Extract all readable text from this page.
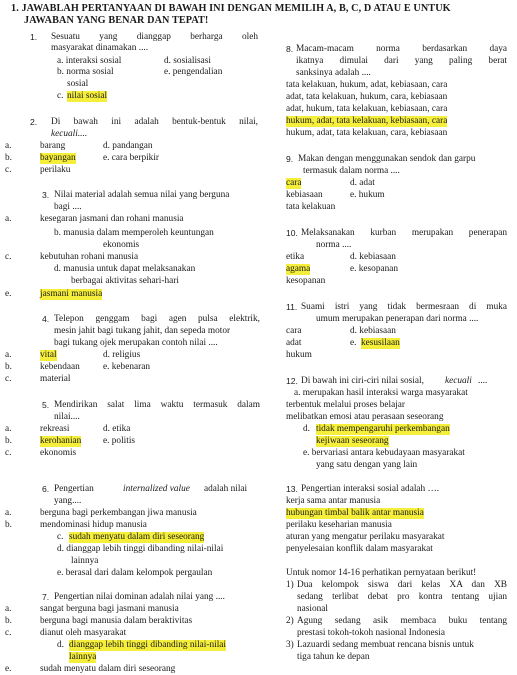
1. JAWABLAH PERTANYAAN DI BAWAH INI DENGAN MEMILIH A, B, C, D ATAU E UNTUK
JAWABAN YANG BENAR DAN TEPAT!
1. Sesuatu yang dianggap berharga oleh
masyarakat dinamakan ....
a. interaksi sosial	d. sosialisasi
b. norma sosial	e. pengendalian
sosial
c. nilai sosial
2. Di bawah ini adalah bentuk-bentuk nilai,
kecuali....
a.	barang	d. pandangan
b.	bayangan	e. cara berpikir
c.	perilaku
3. Nilai material adalah semua nilai yang berguna
bagi ....
a.	kesegaran jasmani dan rohani manusia
b. manusia dalam memperoleh keuntungan
ekonomis
c.	kebutuhan rohani manusia
d. manusia untuk dapat melaksanakan
berbagai aktivitas sehari-hari
e.	jasmani manusia
4. Telepon genggam bagi agen pulsa elektrik,
mesin jahit bagi tukang jahit, dan sepeda motor
bagi tukang ojek merupakan contoh nilai ....
a.	vital	d. religius
b.	kebendaan	e. kebenaran
c.	material
5. Mendirikan salat lima waktu termasuk dalam
nilai....
a.	rekreasi	d. etika
b.	kerohanian e. politis
c.	ekonomis
6. Pengertian	internalized value adalah nilai
yang....
a.	berguna bagi perkembangan jiwa manusia
b.	mendominasi hidup manusia
c. sudah menyatu dalam diri seseorang
d. dianggap lebih tinggi dibanding nilai-nilai
lainnya
e. berasal dari dalam kelompok pergaulan
7. Pengertian nilai dominan adalah nilai yang ....
a.	sangat berguna bagi jasmani manusia
b.	berguna bagi manusia dalam beraktivitas
c.	dianut oleh masyarakat
d. dianggap lebih tinggi dibanding nilai-nilai
lainnya
e.	sudah menyatu dalam diri seseorang
8. Macam-macam norma berdasarkan daya
ikatnya dimulai dari yang paling berat
sanksinya adalah ....
tata kelakuan, hukum, adat, kebiasaan, cara
adat, tata kelakuan, hukum, cara, kebiasaan
adat, hukum, tata kelakuan, kebiasaan, cara
hukum, adat, tata kelakuan, kebiasaan, cara
hukum, adat, tata kelakuan, cara, kebiasaan
9. Makan dengan menggunakan sendok dan garpu
termasuk dalam norma ....
cara	d. adat
kebiasaan	e. hukum
tata kelakuan
10. Melaksanakan kurban merupakan penerapan
norma ....
etika	d. kebiasaan
agama	e. kesopanan
kesopanan
11. Suami istri yang tidak bermesraan di muka
umum merupakan penerapan dari norma ....
cara	d. kebiasaan
adat	e. kesusilaan
hukum
12. Di bawah ini ciri-ciri nilai sosial, kecuali ....
a. merupakan hasil interaksi warga masyarakat
terbentuk melalui proses belajar
melibatkan emosi atau perasaan seseorang
d. tidak mempengaruhi perkembangan
kejiwaan seseorang
e. bervariasi antara kebudayaan masyarakat
yang satu dengan yang lain
13. Pengertian interaksi sosial adalah ….
kerja sama antar manusia
hubungan timbal balik antar manusia
perilaku keseharian manusia
aturan yang mengatur perilaku masyarakat
penyelesaian konflik dalam masyarakat
Untuk nomor 14-16 perhatikan pernyataan berikut!
1) Dua kelompok siswa dari kelas XA dan XB
sedang terlibat debat pro kontra tentang ujian
nasional
2) Agung sedang asik membaca buku tentang
prestasi tokoh-tokoh nasional Indonesia
3) Lazuardi sedang membuat rencana bisnis untuk
tiga tahun ke depan
